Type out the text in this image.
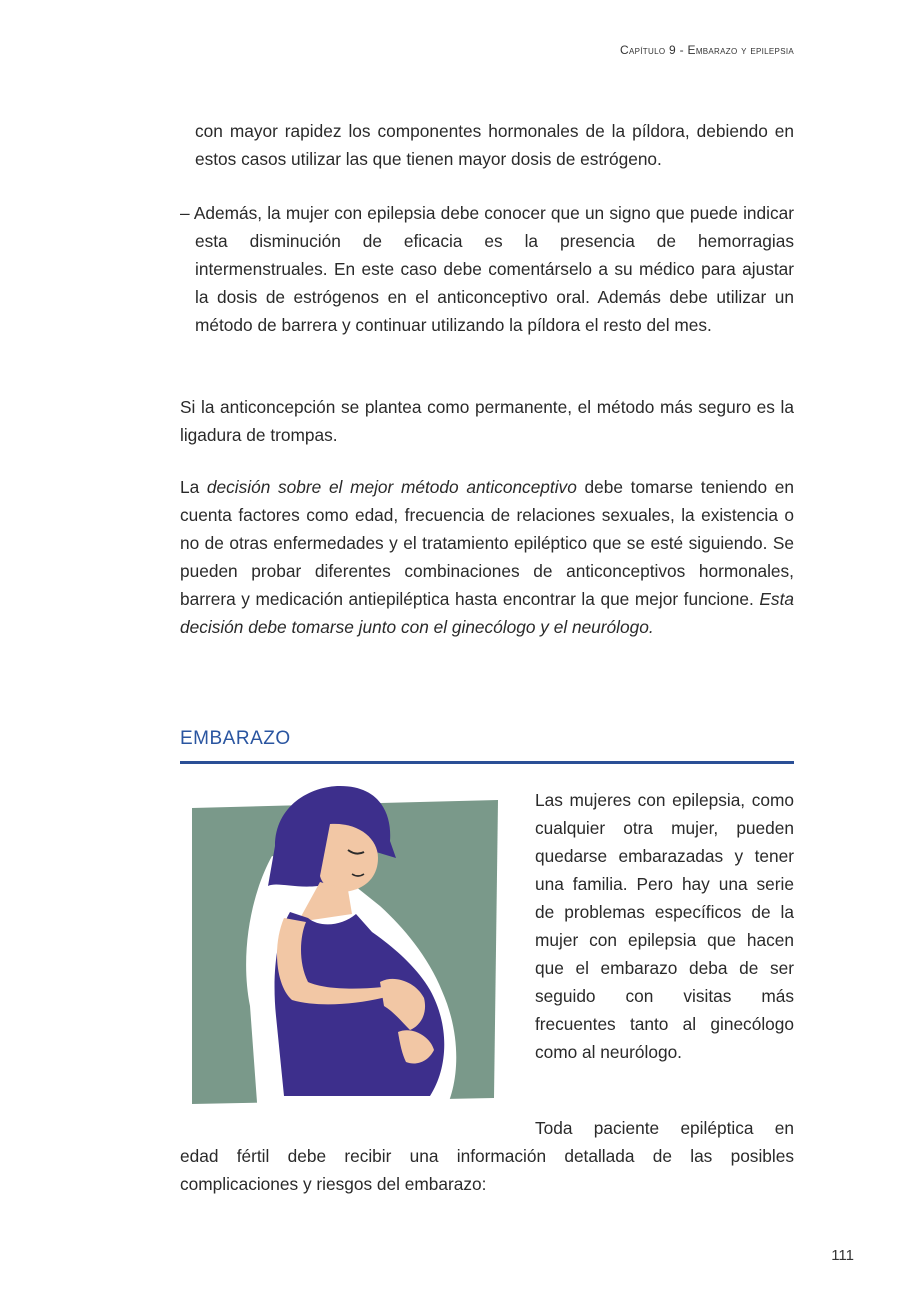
Capítulo 9 - Embarazo y epilepsia
con mayor rapidez los componentes hormonales de la píldora, debiendo en estos casos utilizar las que tienen mayor dosis de estrógeno.
– Además, la mujer con epilepsia debe conocer que un signo que puede indicar esta disminución de eficacia es la presencia de hemorragias intermenstruales. En este caso debe comentárselo a su médico para ajustar la dosis de estrógenos en el anticonceptivo oral. Además debe utilizar un método de barrera y continuar utilizando la píldora el resto del mes.
Si la anticoncepción se plantea como permanente, el método más seguro es la ligadura de trompas.
La decisión sobre el mejor método anticonceptivo debe tomarse teniendo en cuenta factores como edad, frecuencia de relaciones sexuales, la existencia o no de otras enfermedades y el tratamiento epiléptico que se esté siguiendo. Se pueden probar diferentes combinaciones de anticonceptivos hormonales, barrera y medicación antiepiléptica hasta encontrar la que mejor funcione. Esta decisión debe tomarse junto con el ginecólogo y el neurólogo.
EMBARAZO
Las mujeres con epilepsia, como cualquier otra mujer, pueden quedarse embarazadas y tener una familia. Pero hay una serie de problemas específicos de la mujer con epilepsia que hacen que el embarazo deba de ser seguido con visitas más frecuentes tanto al ginecólogo como al neurólogo.
Toda paciente epiléptica en
edad fértil debe recibir una información detallada de las posibles complicaciones y riesgos del embarazo:
111
